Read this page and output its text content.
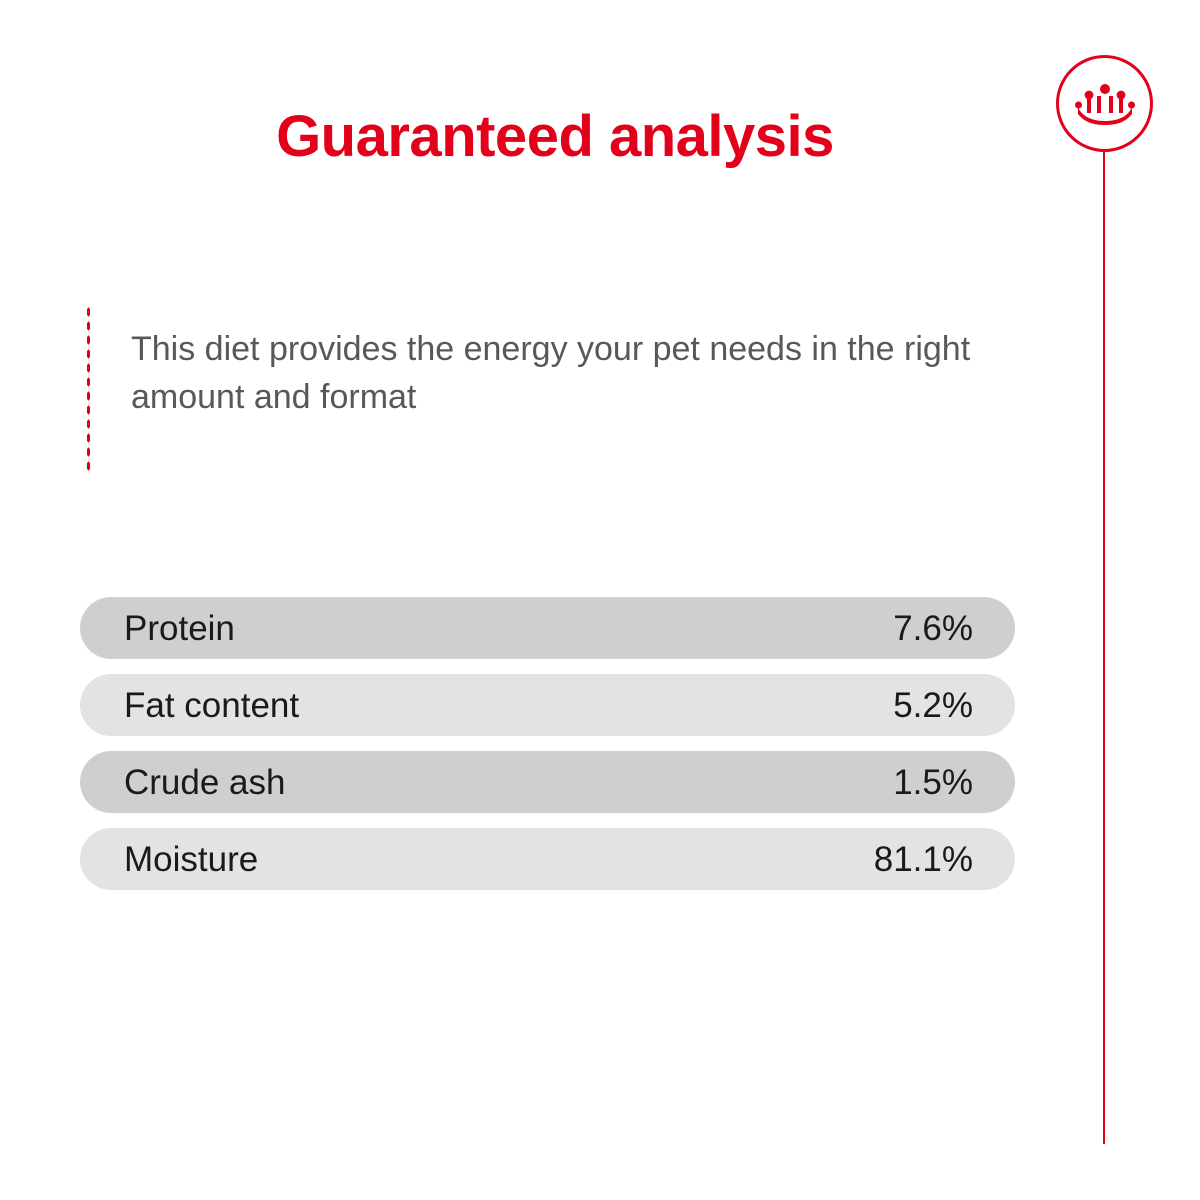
Guaranteed analysis
This diet provides the energy your pet needs in the right amount and format
Protein	7.6%
Fat content	5.2%
Crude ash	1.5%
Moisture	81.1%
